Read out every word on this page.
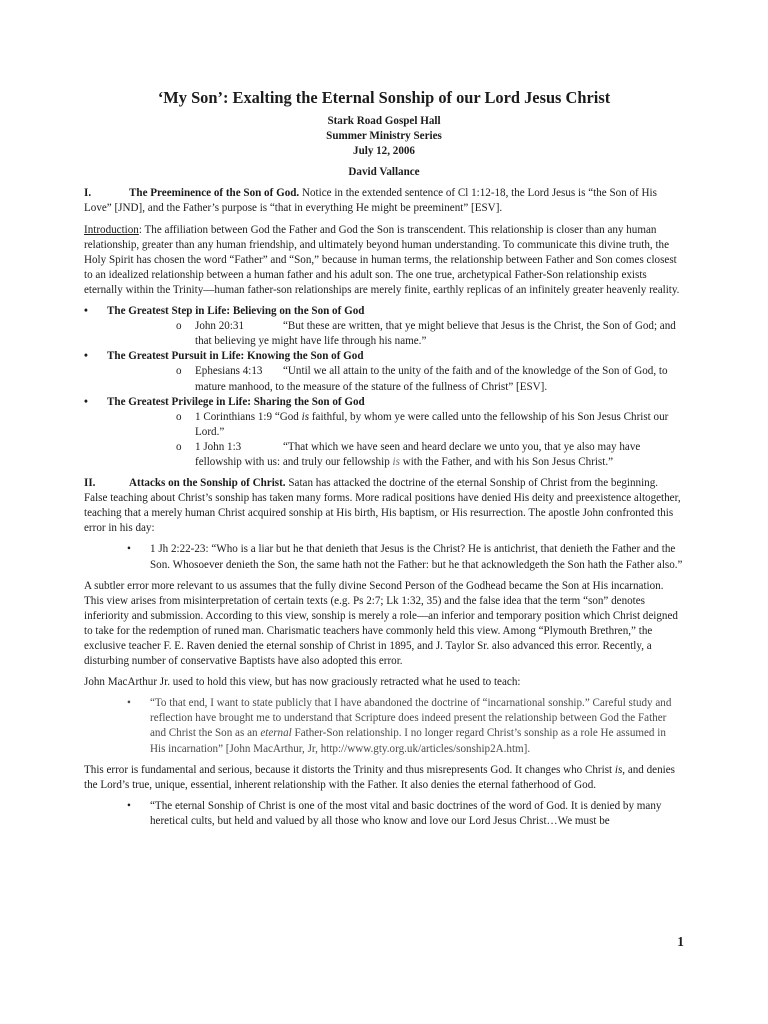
‘My Son’: Exalting the Eternal Sonship of our Lord Jesus Christ
Stark Road Gospel Hall
Summer Ministry Series
July 12, 2006
David Vallance

I.	The Preeminence of the Son of God. Notice in the extended sentence of Cl 1:12-18, the Lord Jesus is “the Son of His Love” [JND], and the Father’s purpose is “that in everything He might be preeminent” [ESV].

Introduction: The affiliation between God the Father and God the Son is transcendent. This relationship is closer than any human relationship, greater than any human friendship, and ultimately beyond human understanding. To communicate this divine truth, the Holy Spirit has chosen the word “Father” and “Son,” because in human terms, the relationship between Father and Son comes closest to an idealized relationship between a human father and his adult son. The one true, archetypical Father-Son relationship exists eternally within the Trinity—human father-son relationships are merely finite, earthly replicas of an infinitely greater heavenly reality.

• The Greatest Step in Life: Believing on the Son of God
o John 20:31	“But these are written, that ye might believe that Jesus is the Christ, the Son of God; and that believing ye might have life through his name.”
• The Greatest Pursuit in Life: Knowing the Son of God
o Ephesians 4:13 “Until we all attain to the unity of the faith and of the knowledge of the Son of God, to mature manhood, to the measure of the stature of the fullness of Christ” [ESV].
• The Greatest Privilege in Life: Sharing the Son of God
o 1 Corinthians 1:9 “God is faithful, by whom ye were called unto the fellowship of his Son Jesus Christ our Lord.”
o 1 John 1:3	“That which we have seen and heard declare we unto you, that ye also may have fellowship with us: and truly our fellowship is with the Father, and with his Son Jesus Christ.”

II.	Attacks on the Sonship of Christ. Satan has attacked the doctrine of the eternal Sonship of Christ from the beginning. False teaching about Christ’s sonship has taken many forms. More radical positions have denied His deity and preexistence altogether, teaching that a merely human Christ acquired sonship at His birth, His baptism, or His resurrection. The apostle John confronted this error in his day:

• 1 Jh 2:22-23: “Who is a liar but he that denieth that Jesus is the Christ? He is antichrist, that denieth the Father and the Son. Whosoever denieth the Son, the same hath not the Father: but he that acknowledgeth the Son hath the Father also.”

A subtler error more relevant to us assumes that the fully divine Second Person of the Godhead became the Son at His incarnation. This view arises from misinterpretation of certain texts (e.g. Ps 2:7; Lk 1:32, 35) and the false idea that the term “son” denotes inferiority and submission. According to this view, sonship is merely a role—an inferior and temporary position which Christ deigned to take for the redemption of runed man. Charismatic teachers have commonly held this view. Among “Plymouth Brethren,” the exclusive teacher F. E. Raven denied the eternal sonship of Christ in 1895, and J. Taylor Sr. also advanced this error. Recently, a disturbing number of conservative Baptists have also adopted this error.

John MacArthur Jr. used to hold this view, but has now graciously retracted what he used to teach:

• “To that end, I want to state publicly that I have abandoned the doctrine of “incarnational sonship.” Careful study and reflection have brought me to understand that Scripture does indeed present the relationship between God the Father and Christ the Son as an eternal Father-Son relationship. I no longer regard Christ’s sonship as a role He assumed in His incarnation” [John MacArthur, Jr, http://www.gty.org.uk/articles/sonship2A.htm].

This error is fundamental and serious, because it distorts the Trinity and thus misrepresents God. It changes who Christ is, and denies the Lord’s true, unique, essential, inherent relationship with the Father. It also denies the eternal fatherhood of God.

• “The eternal Sonship of Christ is one of the most vital and basic doctrines of the word of God. It is denied by many heretical cults, but held and valued by all those who know and love our Lord Jesus Christ…We must be
1
